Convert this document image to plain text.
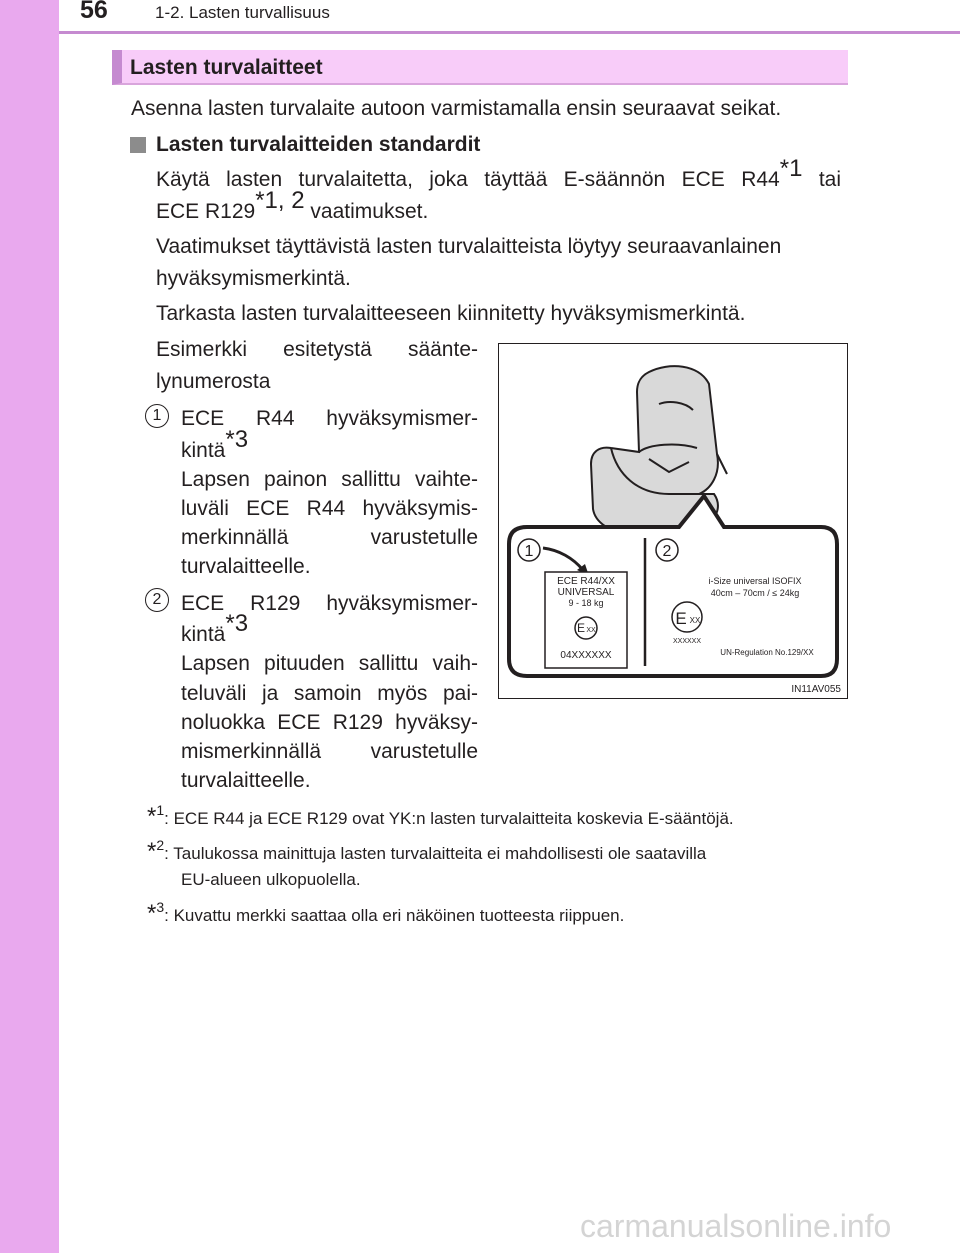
56	1-2. Lasten turvallisuus
Lasten turvalaitteet
Asenna lasten turvalaite autoon varmistamalla ensin seuraavat seikat.
Lasten turvalaitteiden standardit
Käytä lasten turvalaitetta, joka täyttää E-säännön ECE R44$^{*1}$ tai
ECE R129$^{*1, 2}$ vaatimukset.
Vaatimukset täyttävistä lasten turvalaitteista löytyy seuraavanlainen
hyväksymismerkintä.
Tarkasta lasten turvalaitteeseen kiinnitetty hyväksymismerkintä.
Esimerkki esitetystä säänte-
lynumerosta
1 ECE R44 hyväksymismer-
kintä$^{*3}$
Lapsen painon sallittu vaihte-
luväli ECE R44 hyväksymis-
merkinnällä varustetulle
turvalaitteelle.
2 ECE R129 hyväksymismer-
kintä$^{*3}$
Lapsen pituuden sallittu vaih-
teluväli ja samoin myös pai-
noluokka ECE R129 hyväksy-
mismerkinnällä varustetulle
turvalaitteelle.
1	2
ECE R44/XX
UNIVERSAL
9 - 18 kg
E XX
04XXXXXX
i-Size universal ISOFIX
40cm – 70cm / ≤ 24kg
E XX
XXXXXX
UN-Regulation No.129/XX
IN11AV055
*$^1$: ECE R44 ja ECE R129 ovat YK:n lasten turvalaitteita koskevia E-sääntöjä.
*$^2$: Taulukossa mainittuja lasten turvalaitteita ei mahdollisesti ole saatavilla
EU-alueen ulkopuolella.
*$^3$: Kuvattu merkki saattaa olla eri näköinen tuotteesta riippuen.
carmanualsonline.info
